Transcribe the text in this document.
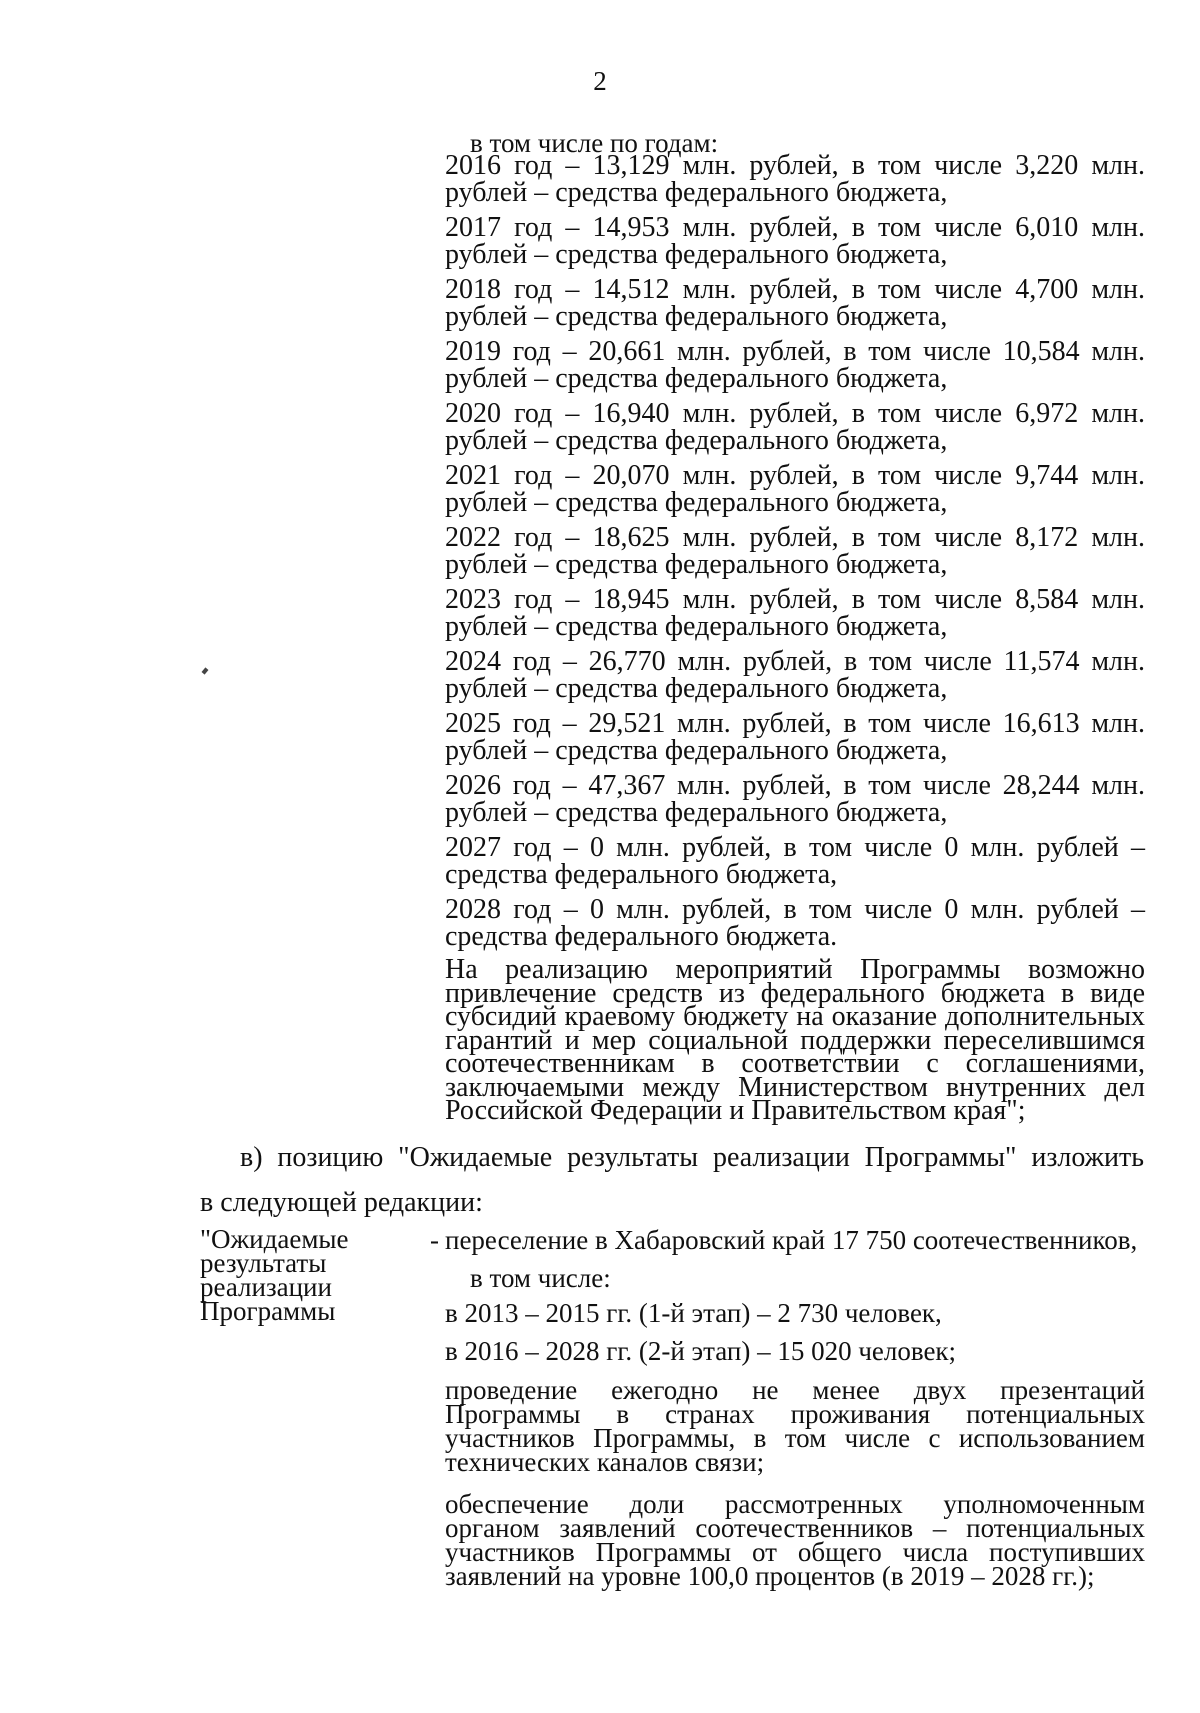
2
в том числе по годам:
2016 год – 13,129 млн. рублей, в том числе 3,220 млн.
рублей – средства федерального бюджета,
2017 год – 14,953 млн. рублей, в том числе 6,010 млн.
рублей – средства федерального бюджета,
2018 год – 14,512 млн. рублей, в том числе 4,700 млн.
рублей – средства федерального бюджета,
2019 год – 20,661 млн. рублей, в том числе 10,584 млн.
рублей – средства федерального бюджета,
2020 год – 16,940 млн. рублей, в том числе 6,972 млн.
рублей – средства федерального бюджета,
2021 год – 20,070 млн. рублей, в том числе 9,744 млн.
рублей – средства федерального бюджета,
2022 год – 18,625 млн. рублей, в том числе 8,172 млн.
рублей – средства федерального бюджета,
2023 год – 18,945 млн. рублей, в том числе 8,584 млн.
рублей – средства федерального бюджета,
2024 год – 26,770 млн. рублей, в том числе 11,574 млн.
рублей – средства федерального бюджета,
2025 год – 29,521 млн. рублей, в том числе 16,613 млн.
рублей – средства федерального бюджета,
2026 год – 47,367 млн. рублей, в том числе 28,244 млн.
рублей – средства федерального бюджета,
2027 год – 0 млн. рублей, в том числе 0 млн. рублей –
средства федерального бюджета,
2028 год – 0 млн. рублей, в том числе 0 млн. рублей –
средства федерального бюджета.
На реализацию мероприятий Программы возможно
привлечение средств из федерального бюджета в виде
субсидий краевому бюджету на оказание дополнительных
гарантий и мер социальной поддержки переселившимся
соотечественникам в соответствии с соглашениями,
заключаемыми между Министерством внутренних дел
Российской Федерации и Правительством края";
в) позицию "Ожидаемые результаты реализации Программы" изложить
в следующей редакции:
"Ожидаемые
результаты
реализации
Программы
- переселение в Хабаровский край 17 750 соотечественников,
в том числе:
в 2013 – 2015 гг. (1-й этап) – 2 730 человек,
в 2016 – 2028 гг. (2-й этап) – 15 020 человек;
проведение ежегодно не менее двух презентаций
Программы в странах проживания потенциальных
участников Программы, в том числе с использованием
технических каналов связи;
обеспечение доли рассмотренных уполномоченным
органом заявлений соотечественников – потенциальных
участников Программы от общего числа поступивших
заявлений на уровне 100,0 процентов (в 2019 – 2028 гг.);
